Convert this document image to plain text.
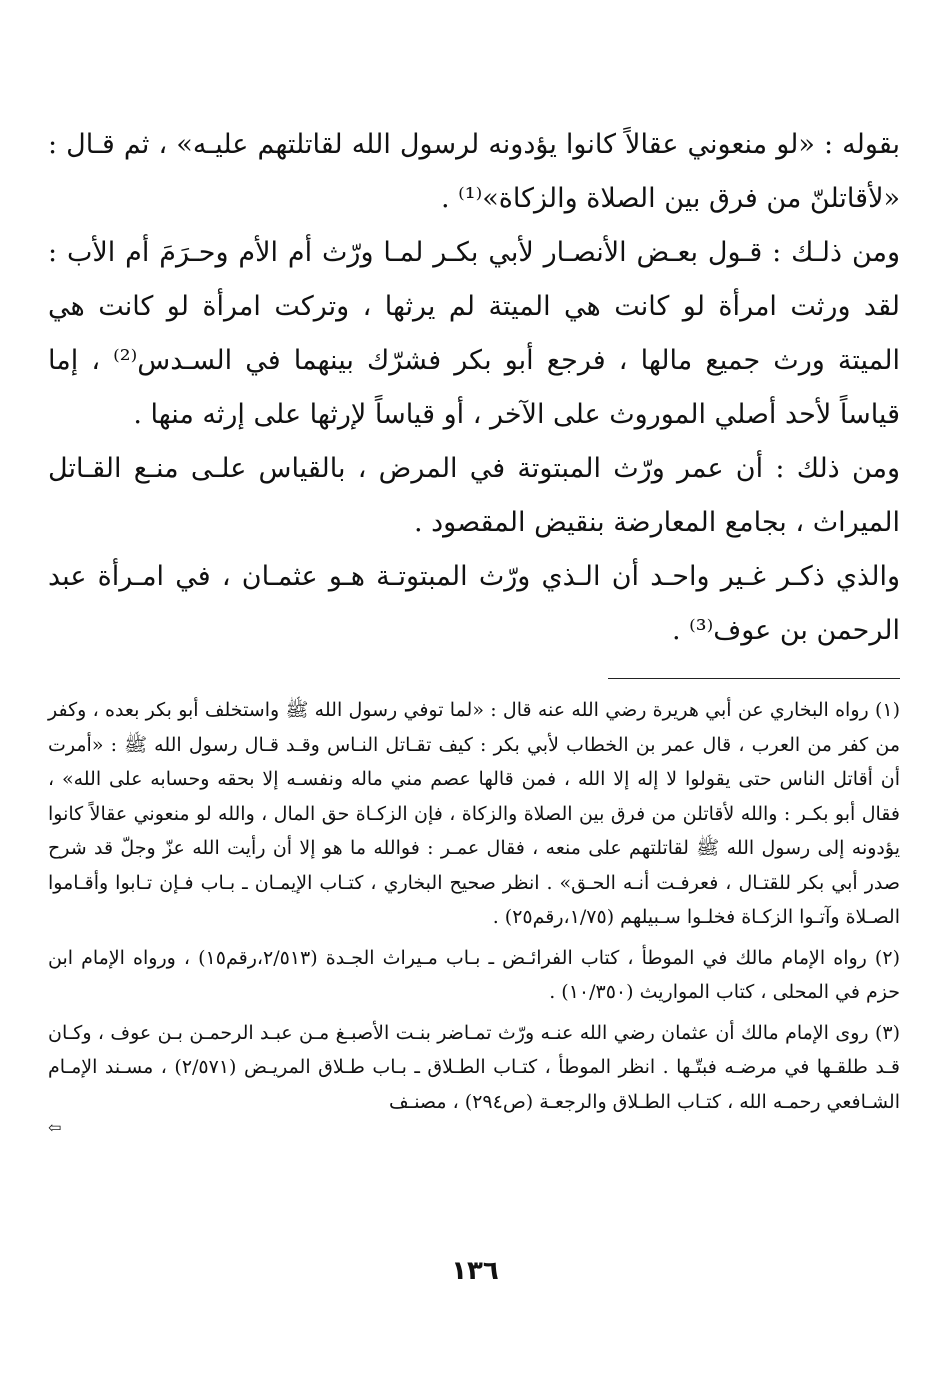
بقوله : «لو منعوني عقالاً كانوا يؤدونه لرسول الله لقاتلتهم عليـه» ، ثم قـال : «لأقاتلنّ من فرق بين الصلاة والزكاة»⁽¹⁾ .

ومن ذلـك : قـول بعـض الأنصـار لأبي بكـر لمـا ورّث أم الأم وحـرَمَ أم الأب : لقد ورثت امرأة لو كانت هي الميتة لم يرثها ، وتركت امرأة لو كانت هي الميتة ورث جميع مالها ، فرجع أبو بكر فشرّك بينهما في السـدس⁽²⁾ ، إما قياساً لأحد أصلي الموروث على الآخر ، أو قياساً لإرثها على إرثه منها .

ومن ذلك : أن عمر ورّث المبتوتة في المرض ، بالقياس علـى منـع القـاتل الميراث ، بجامع المعارضة بنقيض المقصود .

والذي ذكـر غـير واحـد أن الـذي ورّث المبتوتـة هـو عثمـان ، في امـرأة عبد الرحمن بن عوف⁽³⁾ .

(١) رواه البخاري عن أبي هريرة رضي الله عنه قال : «لما توفي رسول الله ﷺ واستخلف أبو بكر بعده ، وكفر من كفر من العرب ، قال عمر بن الخطاب لأبي بكر : كيف تقـاتل النـاس وقـد قـال رسول الله ﷺ : «أمرت أن أقاتل الناس حتى يقولوا لا إله إلا الله ، فمن قالها عصم مني ماله ونفسـه إلا بحقه وحسابه على الله» ، فقال أبو بكـر : والله لأقاتلن من فرق بين الصلاة والزكاة ، فإن الزكـاة حق المال ، والله لو منعوني عقالاً كانوا يؤدونه إلى رسول الله ﷺ لقاتلتهم على منعه ، فقال عمـر : فوالله ما هو إلا أن رأيت الله عزّ وجلّ قد شرح صدر أبي بكر للقتـال ، فعرفـت أنـه الحـق» . انظر صحيح البخاري ، كتـاب الإيمـان ـ بـاب فـإن تـابوا وأقـاموا الصـلاة وآتـوا الزكـاة فخلـوا سـبيلهم (١/٧٥،رقم٢٥) .

(٢) رواه الإمام مالك في الموطأ ، كتاب الفرائـض ـ بـاب مـيراث الجـدة (٢/٥١٣،رقم١٥) ، ورواه الإمام ابن حزم في المحلى ، كتاب المواريث (١٠/٣٥٠) .

(٣) روى الإمام مالك أن عثمان رضي الله عنـه ورّث تمـاضر بنـت الأصبـغ مـن عبـد الرحمـن بـن عوف ، وكـان قـد طلقـها في مرضـه فبتّـها . انظر الموطأ ، كتـاب الطـلاق ـ بـاب طـلاق المريـض (٢/٥٧١) ، مسـند الإمـام الشـافعي رحمـه الله ، كتـاب الطـلاق والرجعـة (ص٢٩٤) ، مصنـف

⇦
١٣٦
